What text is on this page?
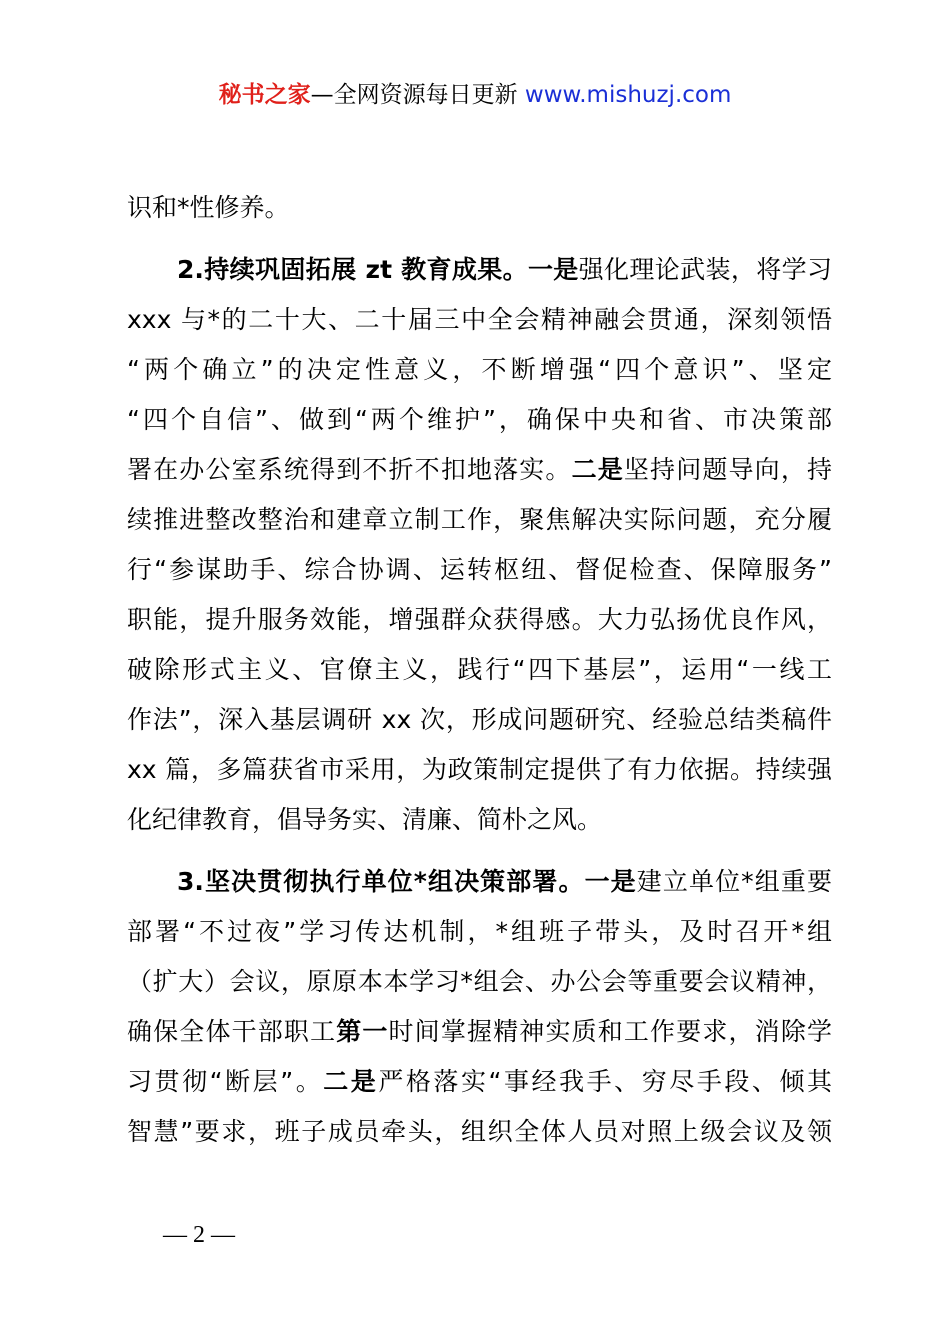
秘书之家—全网资源每日更新 www.mishuzj.com
识和*性修养。
2.持续巩固拓展 zt 教育成果。一是强化理论武装，将学习
xxx 与*的二十大、二十届三中全会精神融会贯通，深刻领悟
“两个确立”的决定性意义，不断增强“四个意识”、坚定
“四个自信”、做到“两个维护”，确保中央和省、市决策部
署在办公室系统得到不折不扣地落实。二是坚持问题导向，持
续推进整改整治和建章立制工作，聚焦解决实际问题，充分履
行“参谋助手、综合协调、运转枢纽、督促检查、保障服务”
职能，提升服务效能，增强群众获得感。大力弘扬优良作风，
破除形式主义、官僚主义，践行“四下基层”，运用“一线工
作法”，深入基层调研 xx 次，形成问题研究、经验总结类稿件
xx 篇，多篇获省市采用，为政策制定提供了有力依据。持续强
化纪律教育，倡导务实、清廉、简朴之风。
3.坚决贯彻执行单位*组决策部署。一是建立单位*组重要
部署“不过夜”学习传达机制，*组班子带头，及时召开*组
（扩大）会议，原原本本学习*组会、办公会等重要会议精神，
确保全体干部职工第一时间掌握精神实质和工作要求，消除学
习贯彻“断层”。二是严格落实“事经我手、穷尽手段、倾其
智慧”要求，班子成员牵头，组织全体人员对照上级会议及领
— 2 —
